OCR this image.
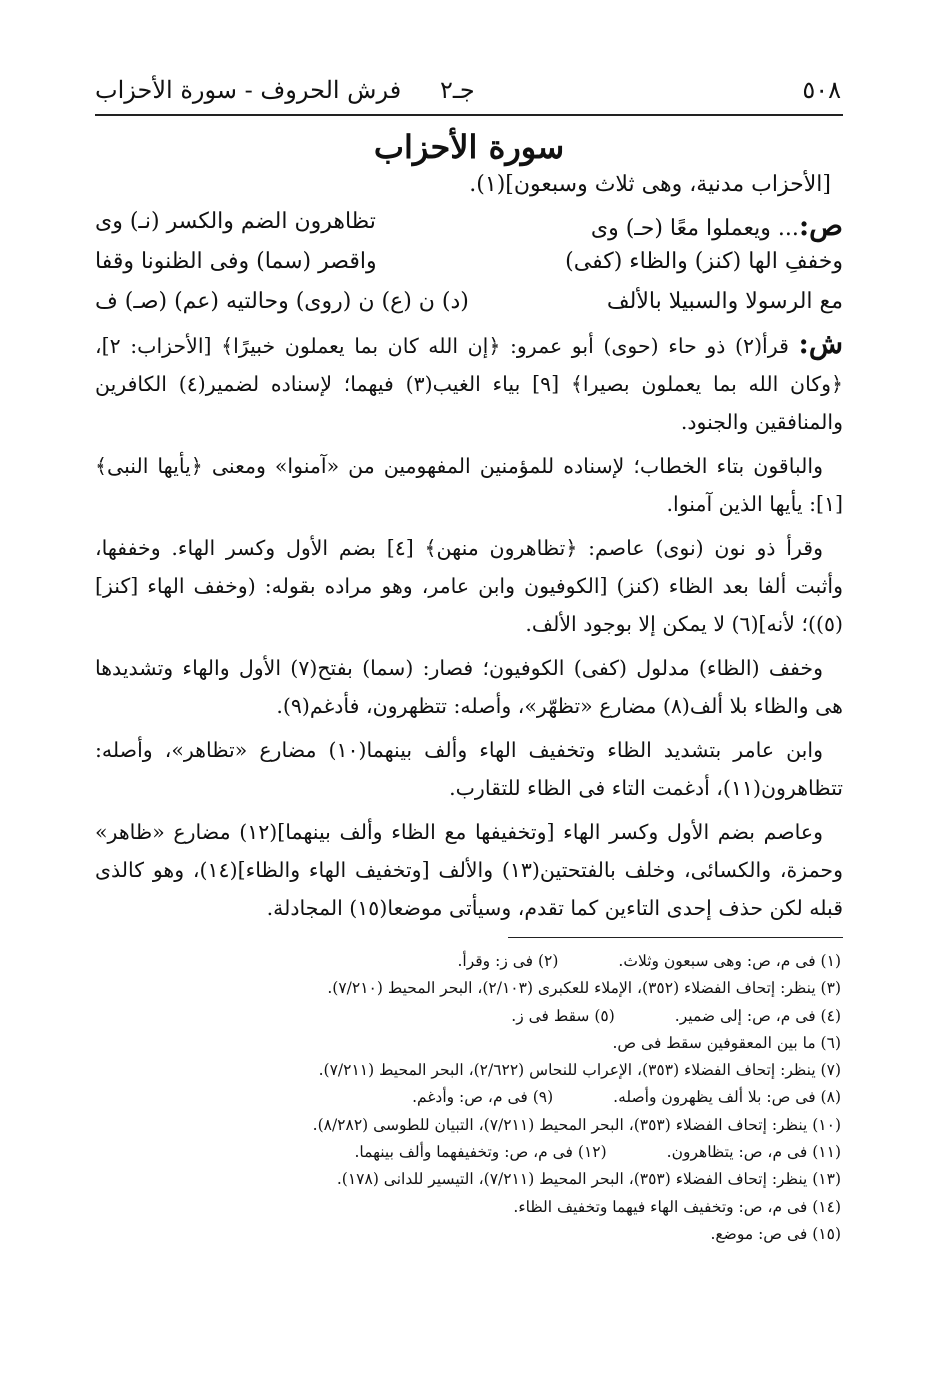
٥٠٨
جـ٢
فرش الحروف - سورة الأحزاب
سورة الأحزاب
[الأحزاب مدنية، وهى ثلاث وسبعون](١).
ص:... ويعملوا معًا (حـ) وى
تظاهرون الضم والكسر (نـ) وى
وخففِ الها (كنز) والظاء (كفى)
واقصر (سما) وفى الظنونا وقفا
مع الرسولا والسبيلا بالألف
(د) ن (ع) ن (روى) وحالتيه (عم) (صـ) ف

ش: قرأ(٢) ذو حاء (حوى) أبو عمرو: ﴿إن الله كان بما يعملون خبيرًا﴾ [الأحزاب: ٢]، ﴿وكان الله بما يعملون بصيرا﴾ [٩] بياء الغيب(٣) فيهما؛ لإسناده لضمير(٤) الكافرين والمنافقين والجنود.

والباقون بتاء الخطاب؛ لإسناده للمؤمنين المفهومين من «آمنوا» ومعنى ﴿يأيها النبى﴾ [١]: يأيها الذين آمنوا.

وقرأ ذو نون (نوى) عاصم: ﴿تظاهرون منهن﴾ [٤] بضم الأول وكسر الهاء. وخففها، وأثبت ألفا بعد الظاء (كنز) [الكوفيون وابن عامر، وهو مراده بقوله: (وخفف الهاء [كنز](٥))؛ لأنه](٦) لا يمكن إلا بوجود الألف.

وخفف (الظاء) مدلول (كفى) الكوفيون؛ فصار: (سما) بفتح(٧) الأول والهاء وتشديدها هى والظاء بلا ألف(٨) مضارع «تظهّر»، وأصله: تتظهرون، فأدغم(٩).

وابن عامر بتشديد الظاء وتخفيف الهاء وألف بينهما(١٠) مضارع «تظاهر»، وأصله: تتظاهرون(١١)، أدغمت التاء فى الظاء للتقارب.

وعاصم بضم الأول وكسر الهاء [وتخفيفها مع الظاء وألف بينهما](١٢) مضارع «ظاهر» وحمزة، والكسائى، وخلف بالفتحتين(١٣) والألف [وتخفيف الهاء والظاء](١٤)، وهو كالذى قبله لكن حذف إحدى التاءين كما تقدم، وسيأتى موضعا(١٥) المجادلة.

(١) فى م، ص: وهى سبعون وثلاث.(٢) فى ز: وقرأ.
(٣) ينظر: إتحاف الفضلاء (٣٥٢)، الإملاء للعكبرى (٢/١٠٣)، البحر المحيط (٧/٢١٠).
(٤) فى م، ص: إلى ضمير.(٥) سقط فى ز.
(٦) ما بين المعقوفين سقط فى ص.
(٧) ينظر: إتحاف الفضلاء (٣٥٣)، الإعراب للنحاس (٢/٦٢٢)، البحر المحيط (٧/٢١١).
(٨) فى ص: بلا ألف يظهرون وأصله.(٩) فى م، ص: وأدغم.
(١٠) ينظر: إتحاف الفضلاء (٣٥٣)، البحر المحيط (٧/٢١١)، التبيان للطوسى (٨/٢٨٢).
(١١) فى م، ص: يتظاهرون.(١٢) فى م، ص: وتخفيفهما وألف بينهما.
(١٣) ينظر: إتحاف الفضلاء (٣٥٣)، البحر المحيط (٧/٢١١)، التيسير للدانى (١٧٨).
(١٤) فى م، ص: وتخفيف الهاء فيهما وتخفيف الظاء.
(١٥) فى ص: موضع.
